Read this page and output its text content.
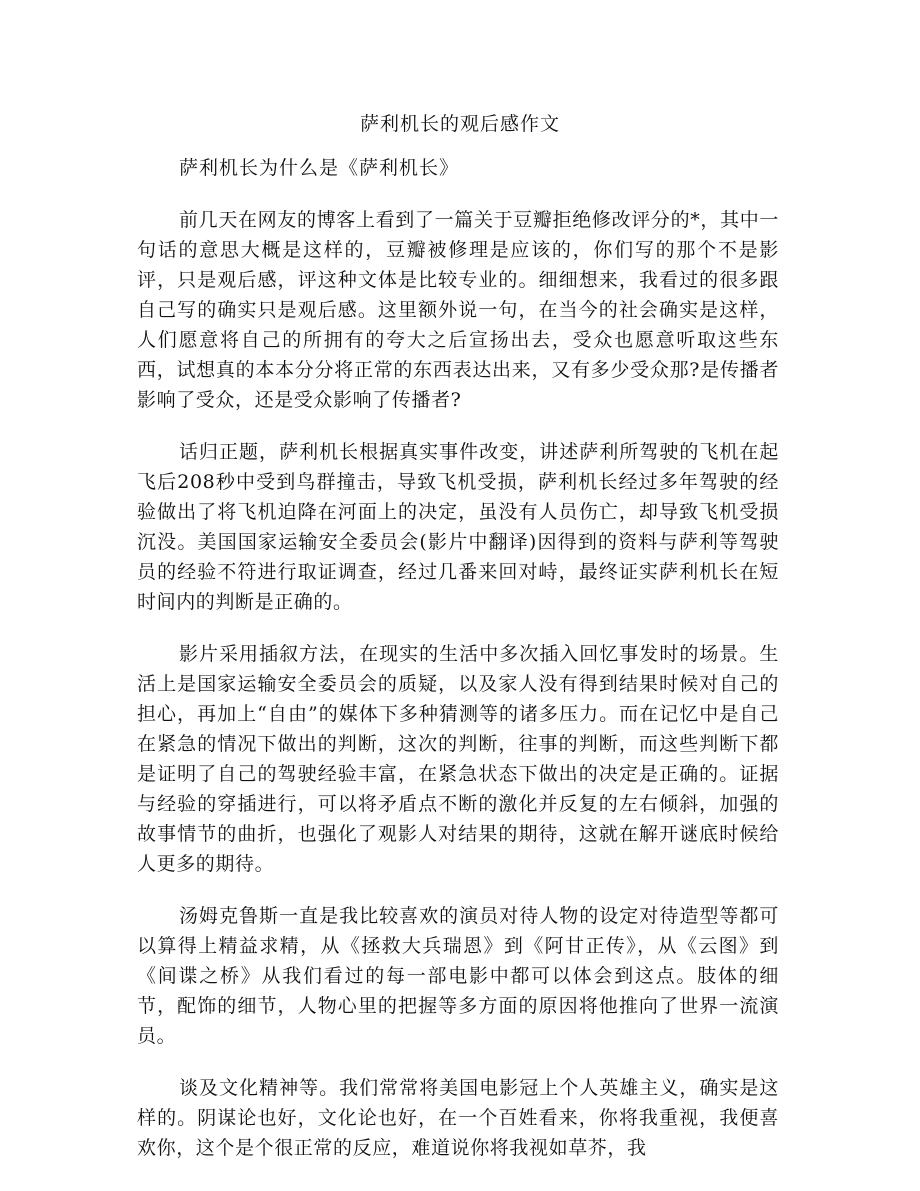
萨利机长的观后感作文
萨利机长为什么是《萨利机长》

前几天在网友的博客上看到了一篇关于豆瓣拒绝修改评分的*，其中一句话的意思大概是这样的，豆瓣被修理是应该的，你们写的那个不是影评，只是观后感，评这种文体是比较专业的。细细想来，我看过的很多跟自己写的确实只是观后感。这里额外说一句，在当今的社会确实是这样，人们愿意将自己的所拥有的夸大之后宣扬出去，受众也愿意听取这些东西，试想真的本本分分将正常的东西表达出来，又有多少受众那?是传播者影响了受众，还是受众影响了传播者?

话归正题，萨利机长根据真实事件改变，讲述萨利所驾驶的飞机在起飞后208秒中受到鸟群撞击，导致飞机受损，萨利机长经过多年驾驶的经验做出了将飞机迫降在河面上的决定，虽没有人员伤亡，却导致飞机受损沉没。美国国家运输安全委员会(影片中翻译)因得到的资料与萨利等驾驶员的经验不符进行取证调查，经过几番来回对峙，最终证实萨利机长在短时间内的判断是正确的。

影片采用插叙方法，在现实的生活中多次插入回忆事发时的场景。生活上是国家运输安全委员会的质疑，以及家人没有得到结果时候对自己的担心，再加上“自由”的媒体下多种猜测等的诸多压力。而在记忆中是自己在紧急的情况下做出的判断，这次的判断，往事的判断，而这些判断下都是证明了自己的驾驶经验丰富，在紧急状态下做出的决定是正确的。证据与经验的穿插进行，可以将矛盾点不断的激化并反复的左右倾斜，加强的故事情节的曲折，也强化了观影人对结果的期待，这就在解开谜底时候给人更多的期待。

汤姆克鲁斯一直是我比较喜欢的演员对待人物的设定对待造型等都可以算得上精益求精，从《拯救大兵瑞恩》到《阿甘正传》，从《云图》到《间谍之桥》从我们看过的每一部电影中都可以体会到这点。肢体的细节，配饰的细节，人物心里的把握等多方面的原因将他推向了世界一流演员。

谈及文化精神等。我们常常将美国电影冠上个人英雄主义，确实是这样的。阴谋论也好，文化论也好，在一个百姓看来，你将我重视，我便喜欢你，这个是个很正常的反应，难道说你将我视如草芥，我
